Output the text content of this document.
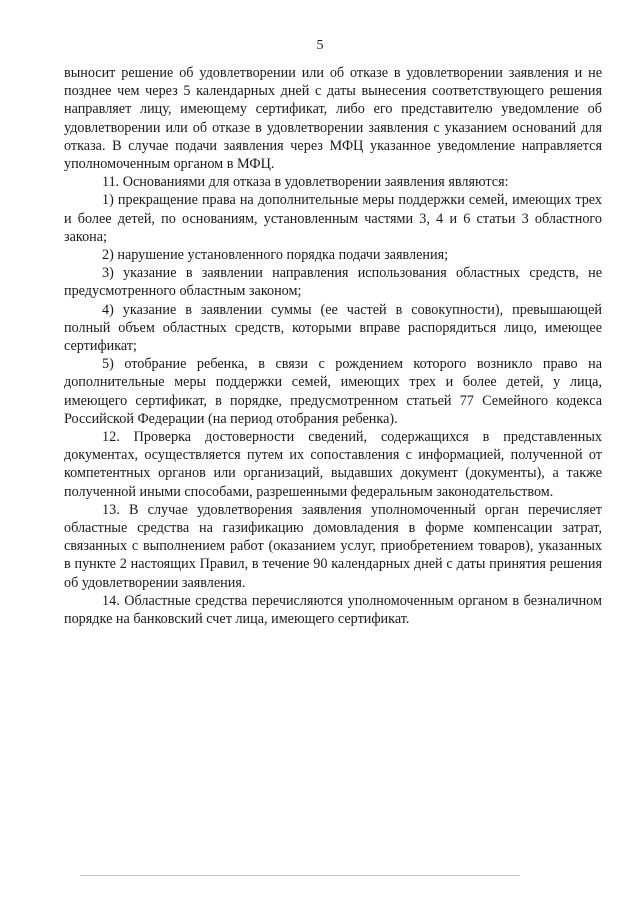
5

выносит решение об удовлетворении или об отказе в удовлетворении заявления и не позднее чем через 5 календарных дней с даты вынесения соответствующего решения направляет лицу, имеющему сертификат, либо его представителю уведомление об удовлетворении или об отказе в удовлетворении заявления с указанием оснований для отказа. В случае подачи заявления через МФЦ указанное уведомление направляется уполномоченным органом в МФЦ.

11. Основаниями для отказа в удовлетворении заявления являются:

1) прекращение права на дополнительные меры поддержки семей, имеющих трех и более детей, по основаниям, установленным частями 3, 4 и 6 статьи 3 областного закона;

2) нарушение установленного порядка подачи заявления;

3) указание в заявлении направления использования областных средств, не предусмотренного областным законом;

4) указание в заявлении суммы (ее частей в совокупности), превышающей полный объем областных средств, которыми вправе распорядиться лицо, имеющее сертификат;

5) отобрание ребенка, в связи с рождением которого возникло право на дополнительные меры поддержки семей, имеющих трех и более детей, у лица, имеющего сертификат, в порядке, предусмотренном статьей 77 Семейного кодекса Российской Федерации (на период отобрания ребенка).

12. Проверка достоверности сведений, содержащихся в представленных документах, осуществляется путем их сопоставления с информацией, полученной от компетентных органов или организаций, выдавших документ (документы), а также полученной иными способами, разрешенными федеральным законодательством.

13. В случае удовлетворения заявления уполномоченный орган перечисляет областные средства на газификацию домовладения в форме компенсации затрат, связанных с выполнением работ (оказанием услуг, приобретением товаров), указанных в пункте 2 настоящих Правил, в течение 90 календарных дней с даты принятия решения об удовлетворении заявления.

14. Областные средства перечисляются уполномоченным органом в безналичном порядке на банковский счет лица, имеющего сертификат.
